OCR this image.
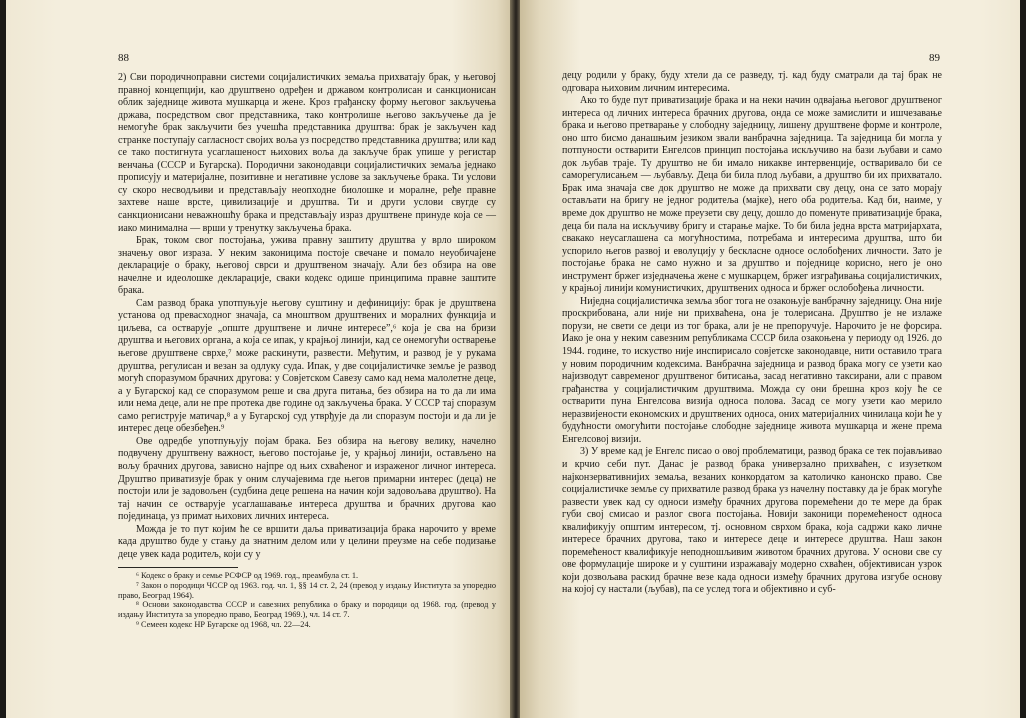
88

2) Сви породичноправни системи социјалистичких земаља прихватају брак, у његовој правној концепцији, као друштвено одређен и државом контролисан и санкционисан облик заједнице живота мушкарца и жене. Кроз грађанску форму његовог закључења држава, посредством свог представника, тако контролише његово закључење да је немогуће брак закључити без учешћа представника друштва: брак је закључен кад странке поступају сагласност својих воља уз посредство представника друштва; или кад се тако постигнута усаглашеност њихових воља да закључе брак упише у регистар венчања (СССР и Бугарска). Породични законодавци социјалистичких земаља једнако прописују и материјалне, позитивне и негативне услове за закључење брака. Ти услови су скоро несводљиви и представљају неопходне биолошке и моралне, ређе правне захтеве наше врсте, цивилизације и друштва. Ти и други услови свугде су санкционисани неважношћу брака и представљају израз друштвене принуде која се — иако минимална — врши у тренутку закључења брака.

Брак, током свог постојања, ужива правну заштиту друштва у врло широком значењу овог израза. У неким законицима постоје свечане и помало неуобичајене декларације о браку, његовој сврси и друштвеном значају. Али без обзира на ове начелне и идеолошке декларације, сваки кодекс одише принципима правне заштите брака.

Сам развод брака употпуњује његову суштину и дефиницију: брак је друштвена установа од превасходног значаја, са мноштвом друштвених и моралних функција и циљева, са остварује „опште друштвене и личне интересе”,⁶ која је сва на бризи друштва и његових органа, а која се ипак, у крајњој линији, кад се онемогући остварење његове друштвене сврхе,⁷ може раскинути, развести. Међутим, и развод је у рукама друштва, регулисан и везан за одлуку суда. Ипак, у две социјалистичке земље је развод могућ споразумом брачних другова: у Совјетском Савезу само кад нема малолетне деце, а у Бугарској кад се споразумом реше и сва друга питања, без обзира на то да ли има или нема деце, али не пре протека две године од закључења брака. У СССР тај споразум само региструје матичар,⁸ а у Бугарској суд утврђује да ли споразум постоји и да ли је интерес деце обезбеђен.⁹

Ове одредбе употпуњују појам брака. Без обзира на његову велику, начелно подвучену друштвену важност, његово постојање је, у крајњој линији, остављено на вољу брачних другова, зависно најпре од њих схваћеног и израженог личног интереса. Друштво приватизује брак у оним случајевима где његов примарни интерес (деца) не постоји или је задовољен (судбина деце решена на начин који задовољава друштво). На тај начин се остварује усаглашавање интереса друштва и брачних другова као појединаца, уз примат њихових личних интереса.

Можда је то пут којим ће се вршити даља приватизација брака нарочито у време када друштво буде у стању да знатним делом или у целини преузме на себе подизање деце увек када родитељ, који су у

⁶ Кодекс о браку и семьe РСФСР од 1969. год., преамбула ст. 1.

⁷ Закон о породици ЧССР од 1963. год. чл. 1, §§ 14 ст. 2, 24 (превод у издању Института за упоредно право, Београд 1964).

⁸ Основи законодавства СССР и савезних република о браку и породици од 1968. год. (превод у издању Института за упоредно право, Београд 1969.), чл. 14 ст. 7.

⁹ Семеен кодекс НР Бугарске од 1968, чл. 22—24.

89

децу родили у браку, буду хтели да се разведу, тј. кад буду сматрали да тај брак не одговара њиховим личним интересима.

Ако то буде пут приватизације брака и на неки начин одвајања његовог друштвеног интереса од личних интереса брачних другова, онда се може замислити и ишчезавање брака и његово претварање у слободну заједницу, лишену друштвене форме и контроле, оно што бисмо данашњим језиком звали ванбрачна заједница. Та заједница би могла у потпуности остварити Енгелсов принцип постојања искључиво на бази љубави и само док љубав траје. Ту друштво не би имало никакве интервенције, остваривало би се саморегулисањем — љубављу. Деца би била плод љубави, а друштво би их прихватало. Брак има значаја све док друштво не може да прихвати сву децу, она се зато морају остављати на бригу не једног родитеља (мајке), него оба родитеља. Кад би, наиме, у време док друштво не може преузети сву децу, дошло до поменуте приватизације брака, деца би пала на искључиву бригу и старање мајке. То би била једна врста матријархата, свакако неусаглашена са могућностима, потребама и интересима друштва, што би успорило његов развој и еволуцију у бескласне односе ослобођених личности. Зато је постојање брака не само нужно и за друштво и поједнице корисно, него је оно инструмент бржег изједначења жене с мушкарцем, бржег изграђивања социјалистичких, у крајњој линији комунистичких, друштвених односа и бржег ослобођења личности.

Ниједна социјалистичка земља због тога не озакоњује ванбрачну заједницу. Она није проскрибована, али није ни прихваћена, она је толерисана. Друштво је не излаже порузи, не свети се деци из тог брака, али је не препоручује. Нарочито је не форсира. Иако је она у неким савезним републикама СССР била озакоњена у периоду од 1926. до 1944. године, то искуство није инспирисало совјетске законодавце, нити оставило трага у новим породичним кодексима. Ванбрачна заједница и развод брака могу се узети као најизводут савременог друштвеног битисања, засад негативно таксирани, али с правом грађанства у социјалистичким друштвима. Можда су они брешна кроз коју ће се остварити пуна Енгелсова визија односа полова. Засад се могу узети као мерило неразвијености економских и друштвених односа, оних материјалних чинилаца који ће у будућности омогућити постојање слободне заједнице живота мушкарца и жене према Енгелсовој визији.

3) У време кад је Енгелс писао о овој проблематици, развод брака се тек појављивао и крчио себи пут. Данас је развод брака универзално прихваћен, с изузетком најконзервативнијих земаља, везаних конкордатом за католичко канонско право. Све социјалистичке земље су прихватиле развод брака уз начелну поставку да је брак могуће развести увек кад су односи између брачних другова поремећени до те мере да брак губи свој смисао и разлог свога постојања. Новији законици поремећеност односа квалификују општим интересом, тј. основном сврхом брака, која садржи како личне интересе брачних другова, тако и интересе деце и интересе друштва. Наш закон поремећеност квалификује неподношљивим животом брачних другова. У основи све су ове формулације широке и у суштини изражавају модерно схваћен, објективисан узрок који дозвољава раскид брачне везе када односи између брачних другова изгубе основу на којој су настали (љубав), па се услед тога и објективно и суб-
